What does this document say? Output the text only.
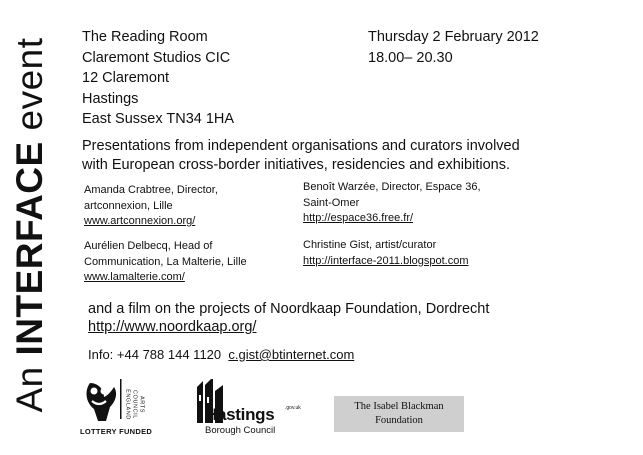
An INTERFACE event
The Reading Room
Claremont Studios CIC
12 Claremont
Hastings
East Sussex TN34 1HA
Thursday 2 February 2012
18.00– 20.30
Presentations from independent organisations and curators involved
with European cross-border initiatives, residencies and exhibitions.
Amanda Crabtree, Director,
artconnexion, Lille
www.artconnexion.org/
Benoît Warzée, Director, Espace 36,
Saint-Omer
http://espace36.free.fr/
Aurélien Delbecq, Head of
Communication, La Malterie, Lille
www.lamalterie.com/
Christine Gist, artist/curator
http://interface-2011.blogspot.com
and a film on the projects of Noordkaap Foundation, Dordrecht
http://www.noordkaap.org/
Info: +44 788 144 1120 c.gist@btinternet.com
ARTS COUNCIL
ENGLAND
LOTTERY FUNDED
Hastings .gov.uk
Borough Council
The Isabel Blackman
Foundation
